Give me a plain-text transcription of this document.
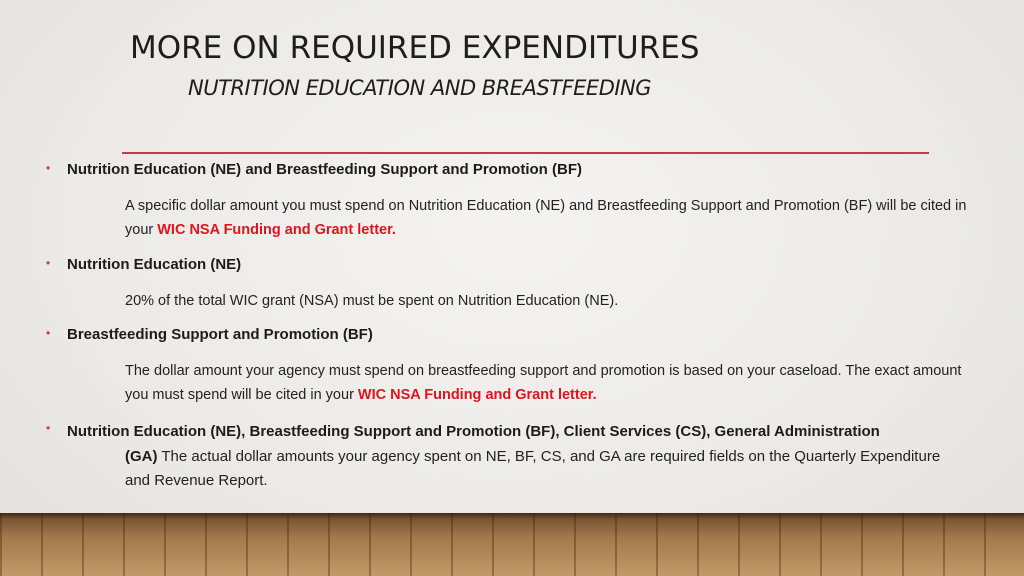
MORE ON REQUIRED EXPENDITURES
NUTRITION EDUCATION AND BREASTFEEDING
• Nutrition Education (NE) and Breastfeeding Support and Promotion (BF)
A specific dollar amount you must spend on Nutrition Education (NE) and Breastfeeding Support and Promotion (BF) will be cited in your WIC NSA Funding and Grant letter.
• Nutrition Education (NE)
20% of the total WIC grant (NSA) must be spent on Nutrition Education (NE).
• Breastfeeding Support and Promotion (BF)
The dollar amount your agency must spend on breastfeeding support and promotion is based on your caseload. The exact amount you must spend will be cited in your WIC NSA Funding and Grant letter.
• Nutrition Education (NE), Breastfeeding Support and Promotion (BF), Client Services (CS), General Administration
(GA) The actual dollar amounts your agency spent on NE, BF, CS, and GA are required fields on the Quarterly Expenditure
and Revenue Report.
